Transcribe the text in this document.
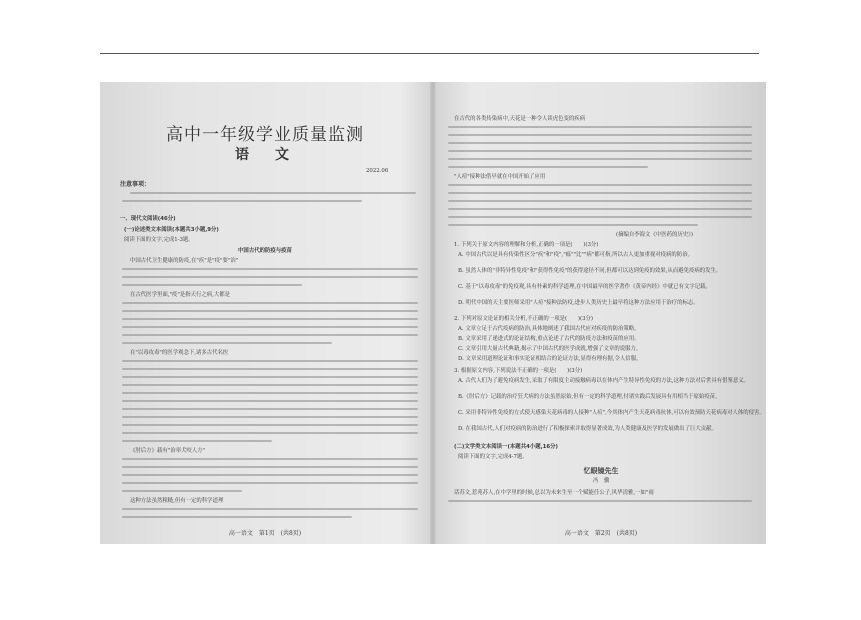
高中一年级学业质量监测
语　文
2022.06
注意事项：
一、现代文阅读(46分)
(一)论述类文本阅读(本题共3小题,9分)
阅读下面的文字,完成1-3题。
中国古代的防疫与疫苗
中国古代卫生健康的防疫,在"疾"是"疫"要"治"
在古代医学里面,"疫"是指天行之病,大都是
在"以毒攻毒"的医学观念下,诸多古代名医
《肘后方》载有"治率犬咬人方"
这种方法虽然粗糙,但有一定的科学道理
高一语文　第1页　(共8页)
在古代的各类传染病中,天花是一种令人谈虎色变的疾病
"人痘"接种法借早就在中国开始了应用
(摘编自李海文《中医药的历史》)
1. 下列关于原文内容的理解和分析,正确的一项是(　　)(3分)
A. 中国古代以是具有传染性区分"疾"和"疫","瘟""比""病"都可指,所以古人更加重视对疫病的防治。
B. 虽然人体的"非特异性免疫"和"获得性免疫"的获得途径不同,但都可以达到免疫的效果,从而避免疫病的发生。
C. 基于"以毒攻毒"的免疫观,具有朴素的科学道理,在中国最早的医学著作《黄帝内经》中就已有文字记载。
D. 明代中国的天主要医师采用"人痘"接种法防疫,进步人类历史上最早将这种方法应用于治疗的标志。
2. 下列对原文论证的相关分析,不正确的一项是(　　)(3分)
A. 文章立足于古代疫病的防治,具体地阐述了我国古代应对疾疫的防治策略。
B. 文章采用了递进式的论证结构,重点论述了古代的防疫方法和疫苗的应用。
C. 文章引用大量古代典籍,揭示了中国古代的医学成就,增强了文章的说服力。
D. 文章采用道理论证和事实论证相结合的论证方法,显得有理有据,令人信服。
3. 根据原文内容,下列说法不正确的一项是(　　)(3分)
A. 古代人们为了避免疫病发生,采取了有限度主动接触病毒以在体内产生特异性免疫的方法,这种方法对后世具有借鉴意义。
B.《肘后方》记载的治疗狂犬病的方法虽然原始,但有一定的科学道理,付诸实践后发展具有用相当于原始疫苗。
C. 采用非特异性免疫的方式使天感染天花病毒的人接种"人痘",今其体内产生天花病毒抗体,可以有效预防天花病毒对人体的侵害。
D. 在我国古代,人们对疫病的防治进行了积极探索并取得显著成效,为人类健康及医学的发展做出了巨大贡献。
(二)文学类文本阅读一(本题共4小题,16分)
阅读下面的文字,完成4-7题。
忆眼镜先生
冯　骥
话苏文,惹苑苏人,在中学里的时候,总以为未来生至一个赋能任公子,风华清雅,一如"雨
高一语文　第2页　(共8页)
